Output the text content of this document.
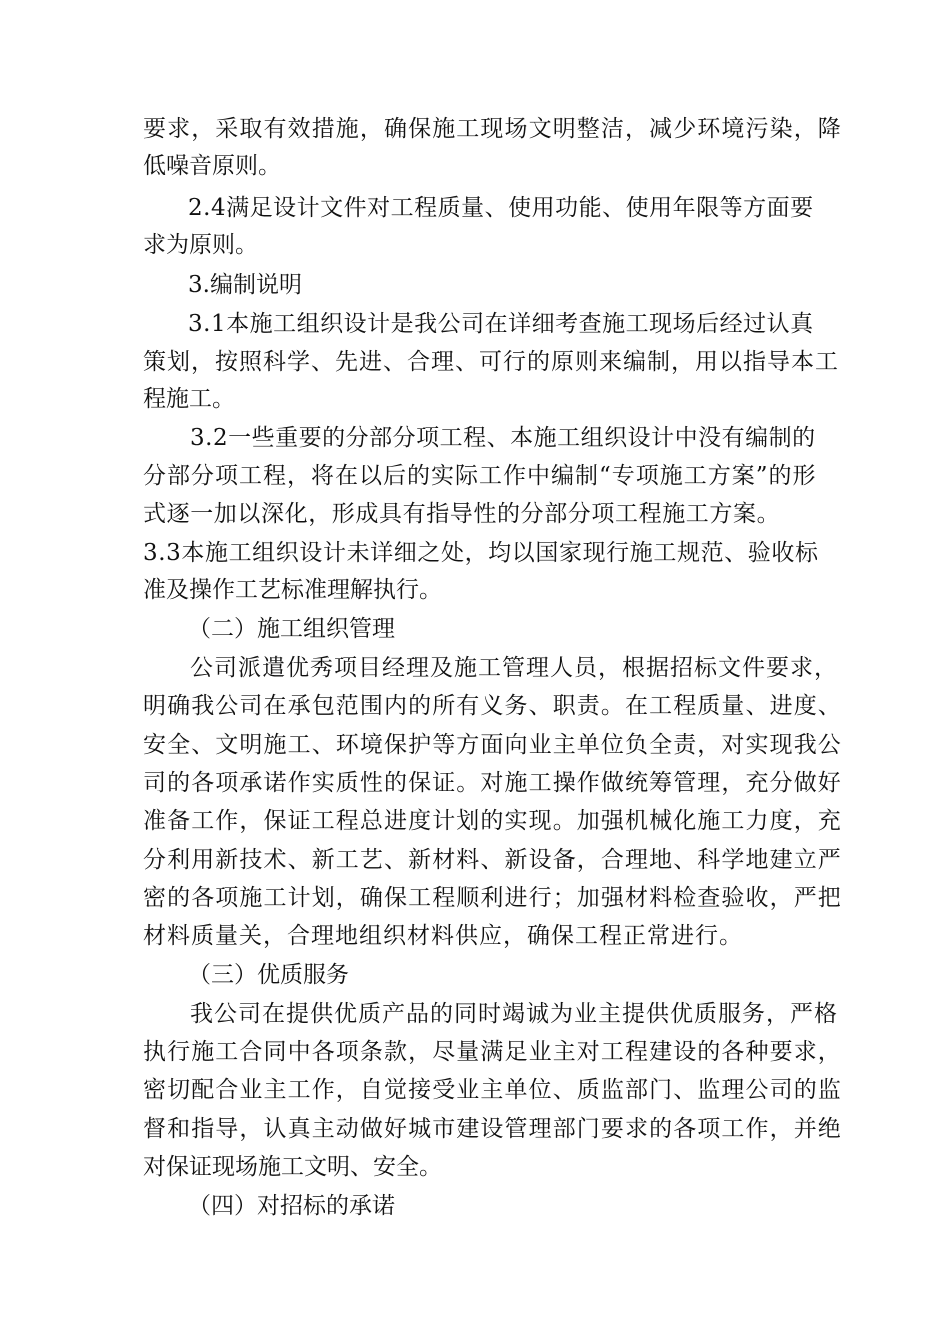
要求，采取有效措施，确保施工现场文明整洁，减少环境污染，降

低噪音原则。

2.4满足设计文件对工程质量、使用功能、使用年限等方面要

求为原则。

3.编制说明

3.1本施工组织设计是我公司在详细考查施工现场后经过认真

策划，按照科学、先进、合理、可行的原则来编制，用以指导本工

程施工。

3.2一些重要的分部分项工程、本施工组织设计中没有编制的

分部分项工程，将在以后的实际工作中编制“专项施工方案”的形

式逐一加以深化，形成具有指导性的分部分项工程施工方案。

3.3本施工组织设计未详细之处，均以国家现行施工规范、验收标

准及操作工艺标准理解执行。

（二）施工组织管理

公司派遣优秀项目经理及施工管理人员，根据招标文件要求，

明确我公司在承包范围内的所有义务、职责。在工程质量、进度、

安全、文明施工、环境保护等方面向业主单位负全责，对实现我公

司的各项承诺作实质性的保证。对施工操作做统筹管理，充分做好

准备工作，保证工程总进度计划的实现。加强机械化施工力度，充

分利用新技术、新工艺、新材料、新设备，合理地、科学地建立严

密的各项施工计划，确保工程顺利进行；加强材料检查验收，严把

材料质量关，合理地组织材料供应，确保工程正常进行。

（三）优质服务

我公司在提供优质产品的同时竭诚为业主提供优质服务，严格

执行施工合同中各项条款，尽量满足业主对工程建设的各种要求，

密切配合业主工作，自觉接受业主单位、质监部门、监理公司的监

督和指导，认真主动做好城市建设管理部门要求的各项工作，并绝

对保证现场施工文明、安全。

（四）对招标的承诺
